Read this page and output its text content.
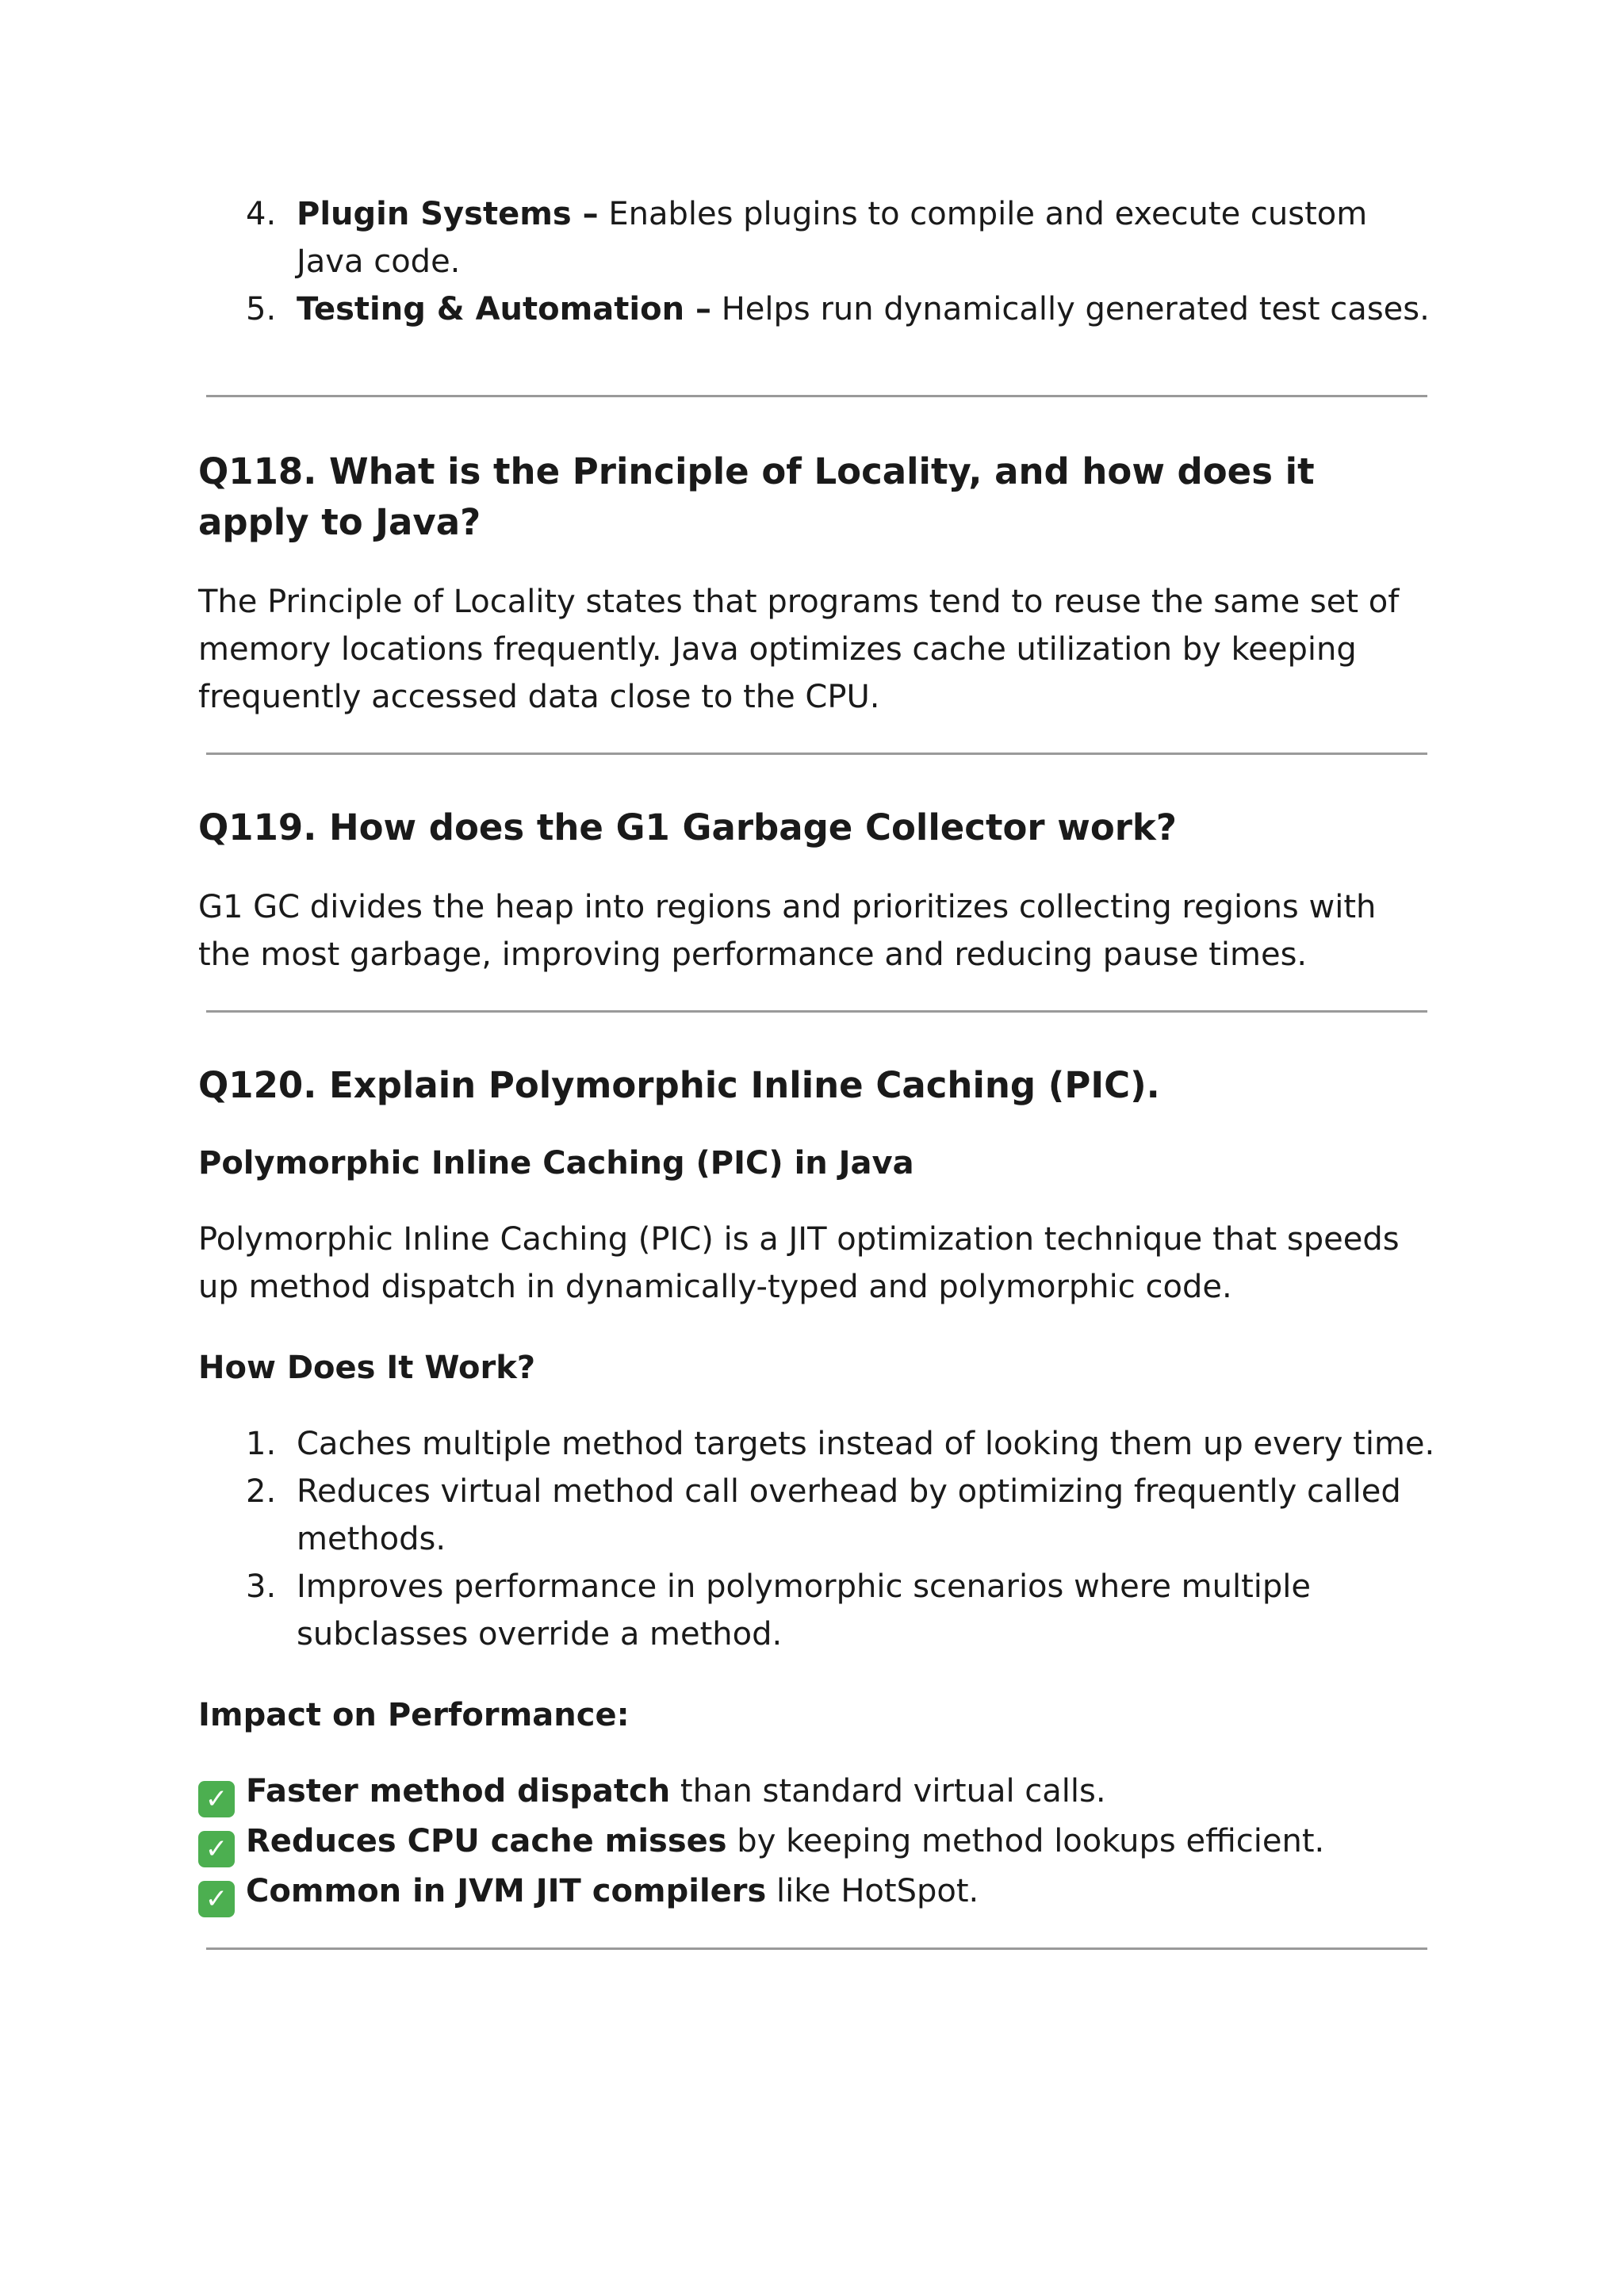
4. Plugin Systems – Enables plugins to compile and execute custom Java code.
5. Testing & Automation – Helps run dynamically generated test cases.
Q118. What is the Principle of Locality, and how does it apply to Java?

The Principle of Locality states that programs tend to reuse the same set of memory locations frequently. Java optimizes cache utilization by keeping frequently accessed data close to the CPU.

Q119. How does the G1 Garbage Collector work?

G1 GC divides the heap into regions and prioritizes collecting regions with the most garbage, improving performance and reducing pause times.

Q120. Explain Polymorphic Inline Caching (PIC).
Polymorphic Inline Caching (PIC) in Java

Polymorphic Inline Caching (PIC) is a JIT optimization technique that speeds up method dispatch in dynamically-typed and polymorphic code.

How Does It Work?
1. Caches multiple method targets instead of looking them up every time.
2. Reduces virtual method call overhead by optimizing frequently called methods.
3. Improves performance in polymorphic scenarios where multiple subclasses override a method.
Impact on Performance:
✓ Faster method dispatch than standard virtual calls.
✓ Reduces CPU cache misses by keeping method lookups efficient.
✓ Common in JVM JIT compilers like HotSpot.
